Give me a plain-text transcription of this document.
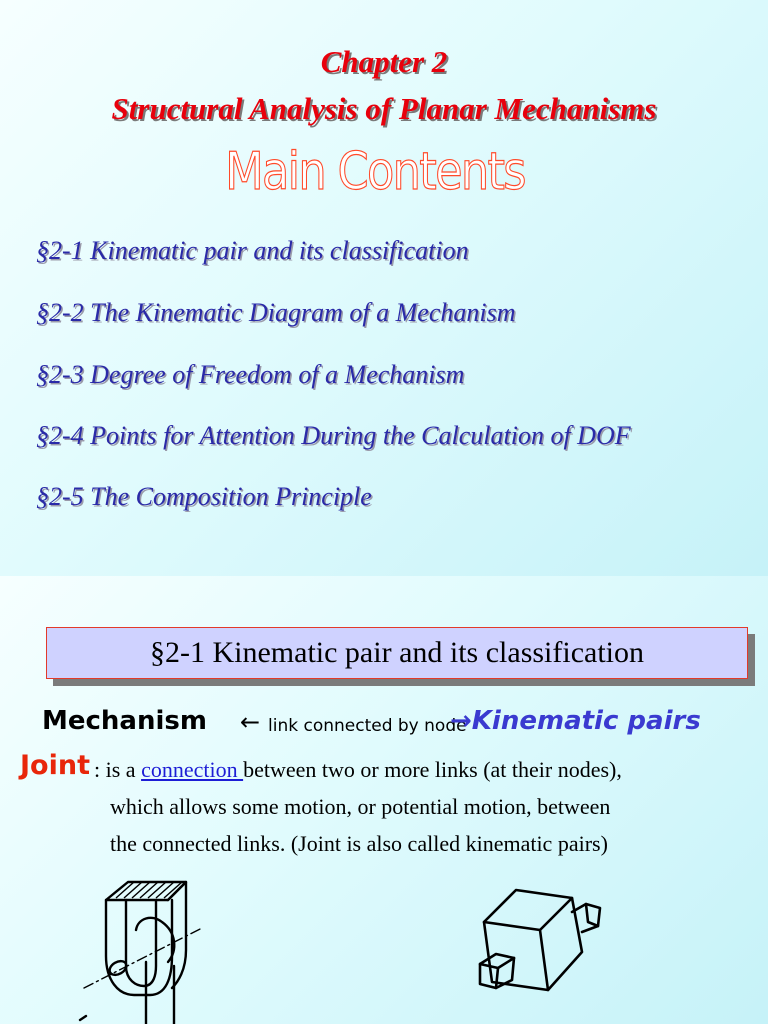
Chapter 2
Structural Analysis of Planar Mechanisms
Main Contents
§2-1 Kinematic pair and its classification
§2-2 The Kinematic Diagram of a Mechanism
§2-3 Degree of Freedom of a Mechanism
§2-4 Points for Attention During the Calculation of DOF
§2-5 The Composition Principle
§2-1 Kinematic pair and its classification
Mechanism ← link connected by node
→Kinematic pairs
Joint : is a connection between two or more links (at their nodes),
which allows some motion, or potential motion, between
the connected links. (Joint is also called kinematic pairs)
